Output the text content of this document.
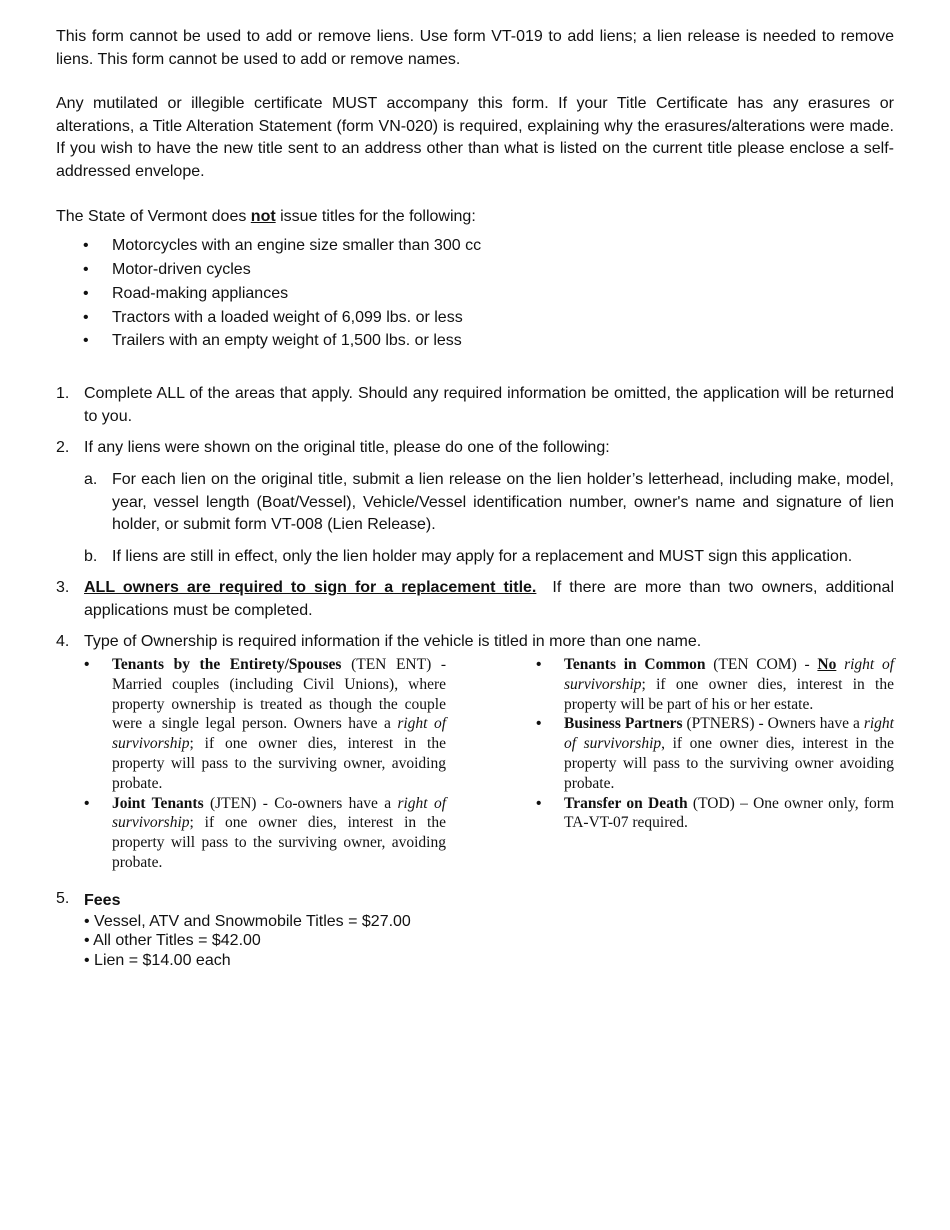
This form cannot be used to add or remove liens. Use form VT-019 to add liens; a lien release is needed to remove liens. This form cannot be used to add or remove names.

Any mutilated or illegible certificate MUST accompany this form. If your Title Certificate has any erasures or alterations, a Title Alteration Statement (form VN-020) is required, explaining why the erasures/alterations were made. If you wish to have the new title sent to an address other than what is listed on the current title please enclose a self-addressed envelope.

The State of Vermont does not issue titles for the following:

• Motorcycles with an engine size smaller than 300 cc
• Motor-driven cycles
• Road-making appliances
• Tractors with a loaded weight of 6,099 lbs. or less
• Trailers with an empty weight of 1,500 lbs. or less
1. Complete ALL of the areas that apply. Should any required information be omitted, the application will be returned to you.
2. If any liens were shown on the original title, please do one of the following:
a. For each lien on the original title, submit a lien release on the lien holder’s letterhead, including make, model, year, vessel length (Boat/Vessel), Vehicle/Vessel identification number, owner's name and signature of lien holder, or submit form VT-008 (Lien Release).
b. If liens are still in effect, only the lien holder may apply for a replacement and MUST sign this application.
3. ALL owners are required to sign for a replacement title. If there are more than two owners, additional applications must be completed.
4. Type of Ownership is required information if the vehicle is titled in more than one name.
• Tenants by the Entirety/Spouses (TEN ENT) - Married couples (including Civil Unions), where property ownership is treated as though the couple were a single legal person. Owners have a right of survivorship; if one owner dies, interest in the property will pass to the surviving owner, avoiding probate.
• Joint Tenants (JTEN) - Co-owners have a right of survivorship; if one owner dies, interest in the property will pass to the surviving owner, avoiding probate.
• Tenants in Common (TEN COM) - No right of survivorship; if one owner dies, interest in the property will be part of his or her estate.
• Business Partners (PTNERS) - Owners have a right of survivorship, if one owner dies, interest in the property will pass to the surviving owner avoiding probate.
• Transfer on Death (TOD) – One owner only, form TA-VT-07 required.
5. Fees
• Vessel, ATV and Snowmobile Titles = $27.00
• All other Titles = $42.00
• Lien = $14.00 each
